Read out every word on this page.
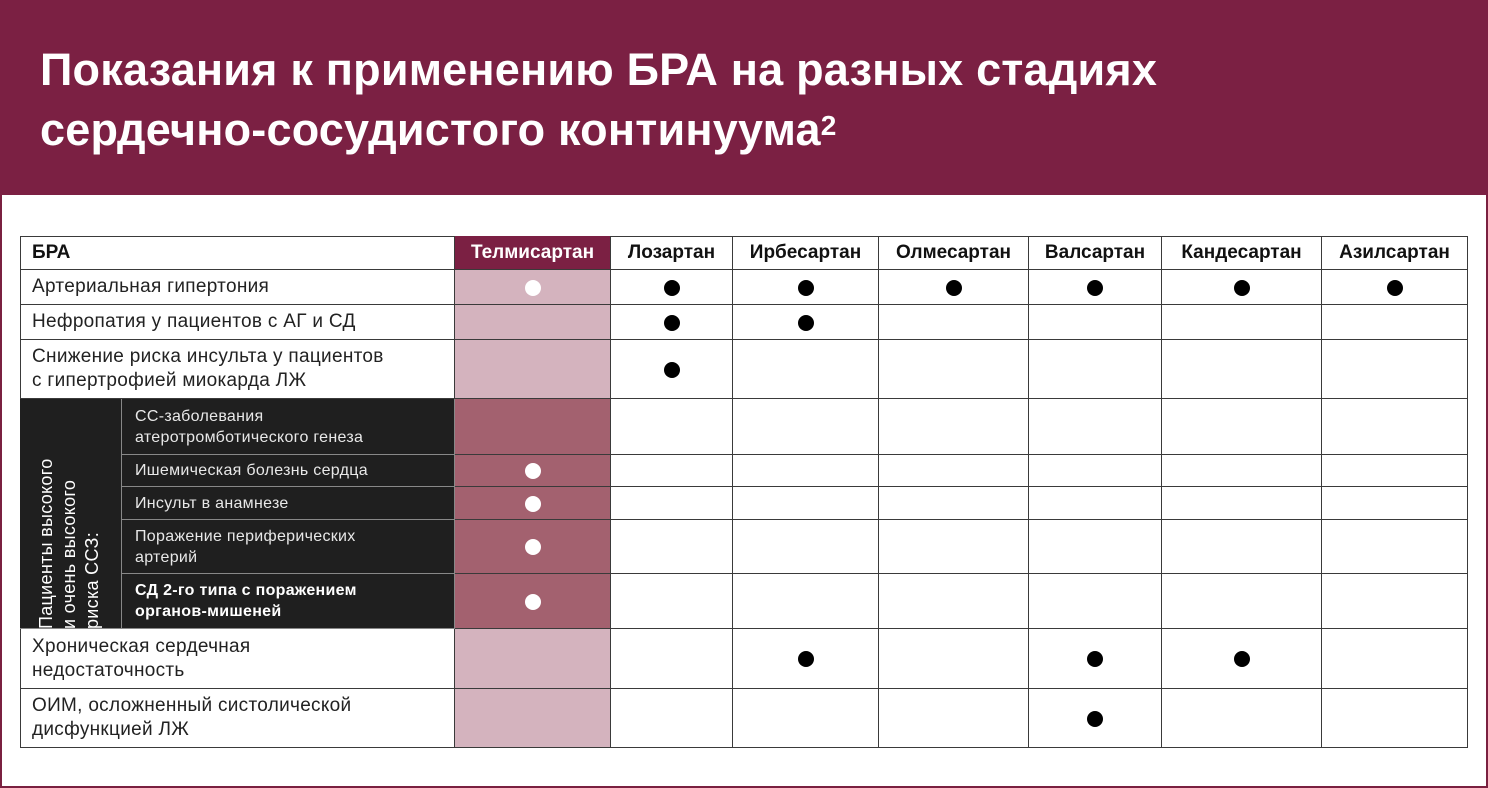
Показания к применению БРА на разных стадиях
сердечно-сосудистого континуума$^2$
БРА	Телмисартан Лозартан Ирбесартан Олмесартан Валсартан Кандесартан Азилсартан
Пациенты высокого и очень высокого риска ССЗ:
Артериальная гипертония
Нефропатия у пациентов с АГ и СД
Снижение риска инсульта у пациентов
с гипертрофией миокарда ЛЖ
СС-заболевания
атеротромботического генеза
Ишемическая болезнь сердца
Инсульт в анамнезе
Поражение периферических
артерий
СД 2-го типа с поражением
органов-мишеней
Хроническая сердечная
недостаточность
ОИМ, осложненный систолической
дисфункцией ЛЖ
